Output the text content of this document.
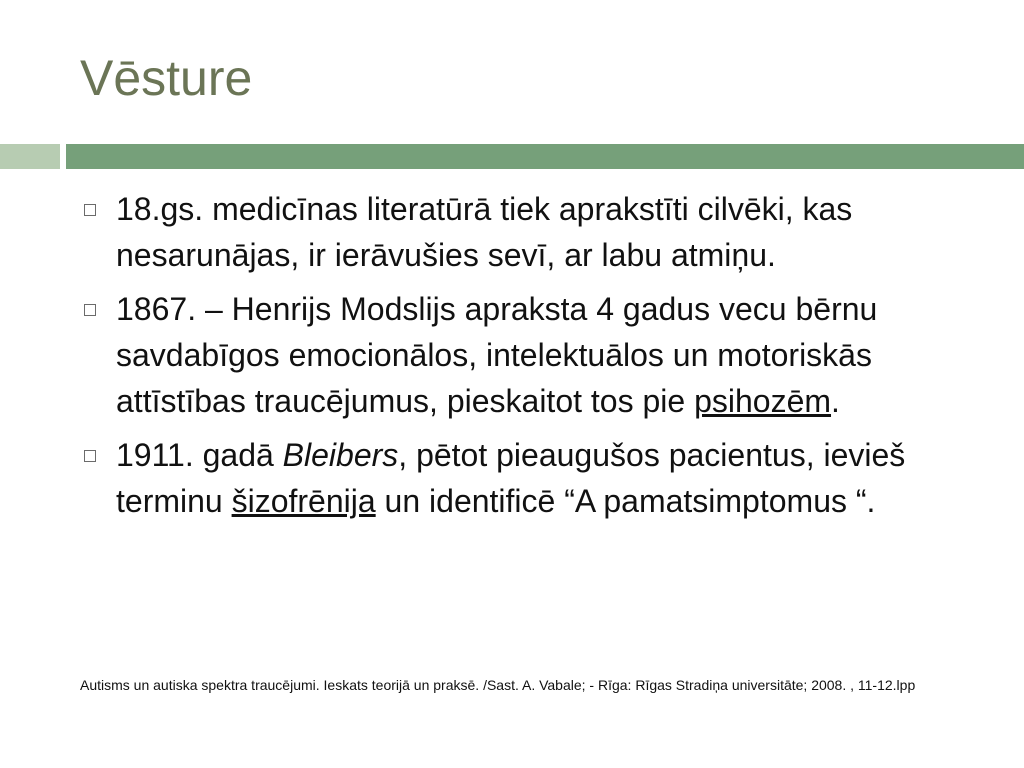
Vēsture
18.gs. medicīnas literatūrā tiek aprakstīti cilvēki, kas nesarunājas, ir ierāvušies sevī, ar labu atmiņu.
1867. – Henrijs Modslijs apraksta 4 gadus vecu bērnu savdabīgos emocionālos, intelektuālos un motoriskās attīstības traucējumus, pieskaitot tos pie psihozēm.
1911. gadā Bleibers, pētot pieaugušos pacientus, ievieš terminu šizofrēnija un identificē “A pamatsimptomus “.

Autisms un autiska spektra traucējumi. Ieskats teorijā un praksē. /Sast. A. Vabale; - Rīga: Rīgas Stradiņa universitāte; 2008. , 11-12.lpp
